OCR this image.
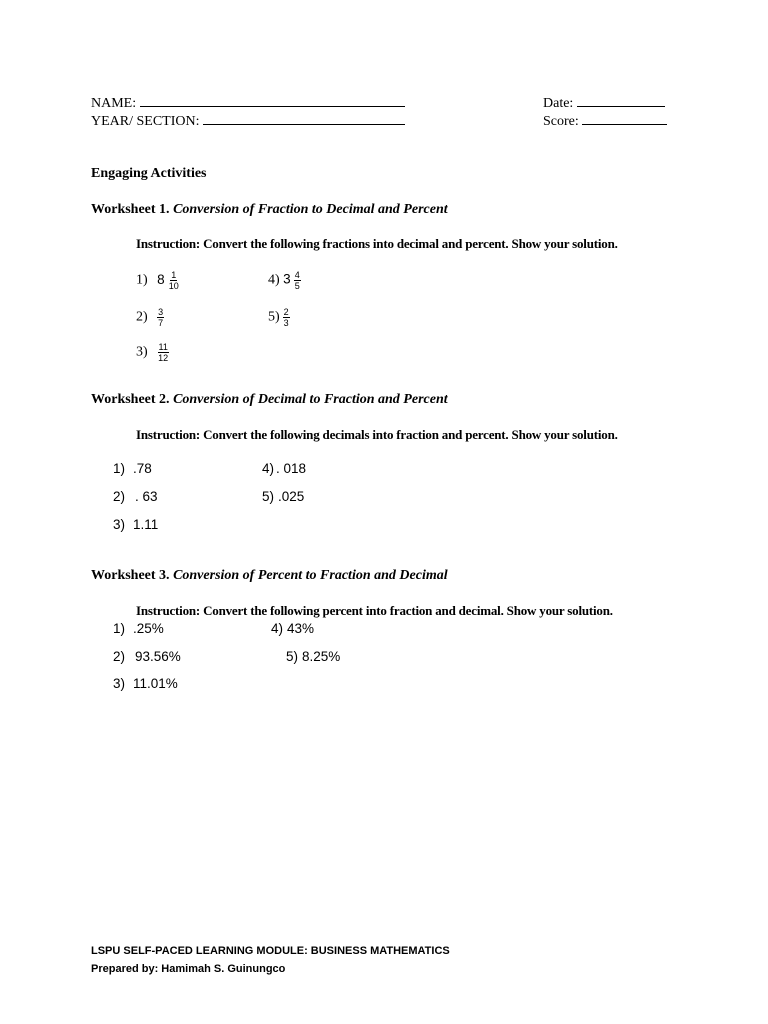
NAME:
YEAR/ SECTION:
Date:
Score:
Engaging Activities
Worksheet 1. Conversion of Fraction to Decimal and Percent
Instruction: Convert the following fractions into decimal and percent. Show your solution.
1) $8 \frac{1}{10}$
$2) \frac{3}{7}$
$3) \frac{11}{12}$
4) $3 \frac{4}{5}$
$5) \frac{2}{3}$
Worksheet 2. Conversion of Decimal to Fraction and Percent
Instruction: Convert the following decimals into fraction and percent. Show your solution.
1) .78
2) . 63
3) 1.11
4) . 018
5) .025
Worksheet 3. Conversion of Percent to Fraction and Decimal
Instruction: Convert the following percent into fraction and decimal. Show your solution.
1) .25%
2) 93.56%
3) 11.01%
4) 43%
5) 8.25%
LSPU SELF-PACED LEARNING MODULE: BUSINESS MATHEMATICS
Prepared by: Hamimah S. Guinungco
